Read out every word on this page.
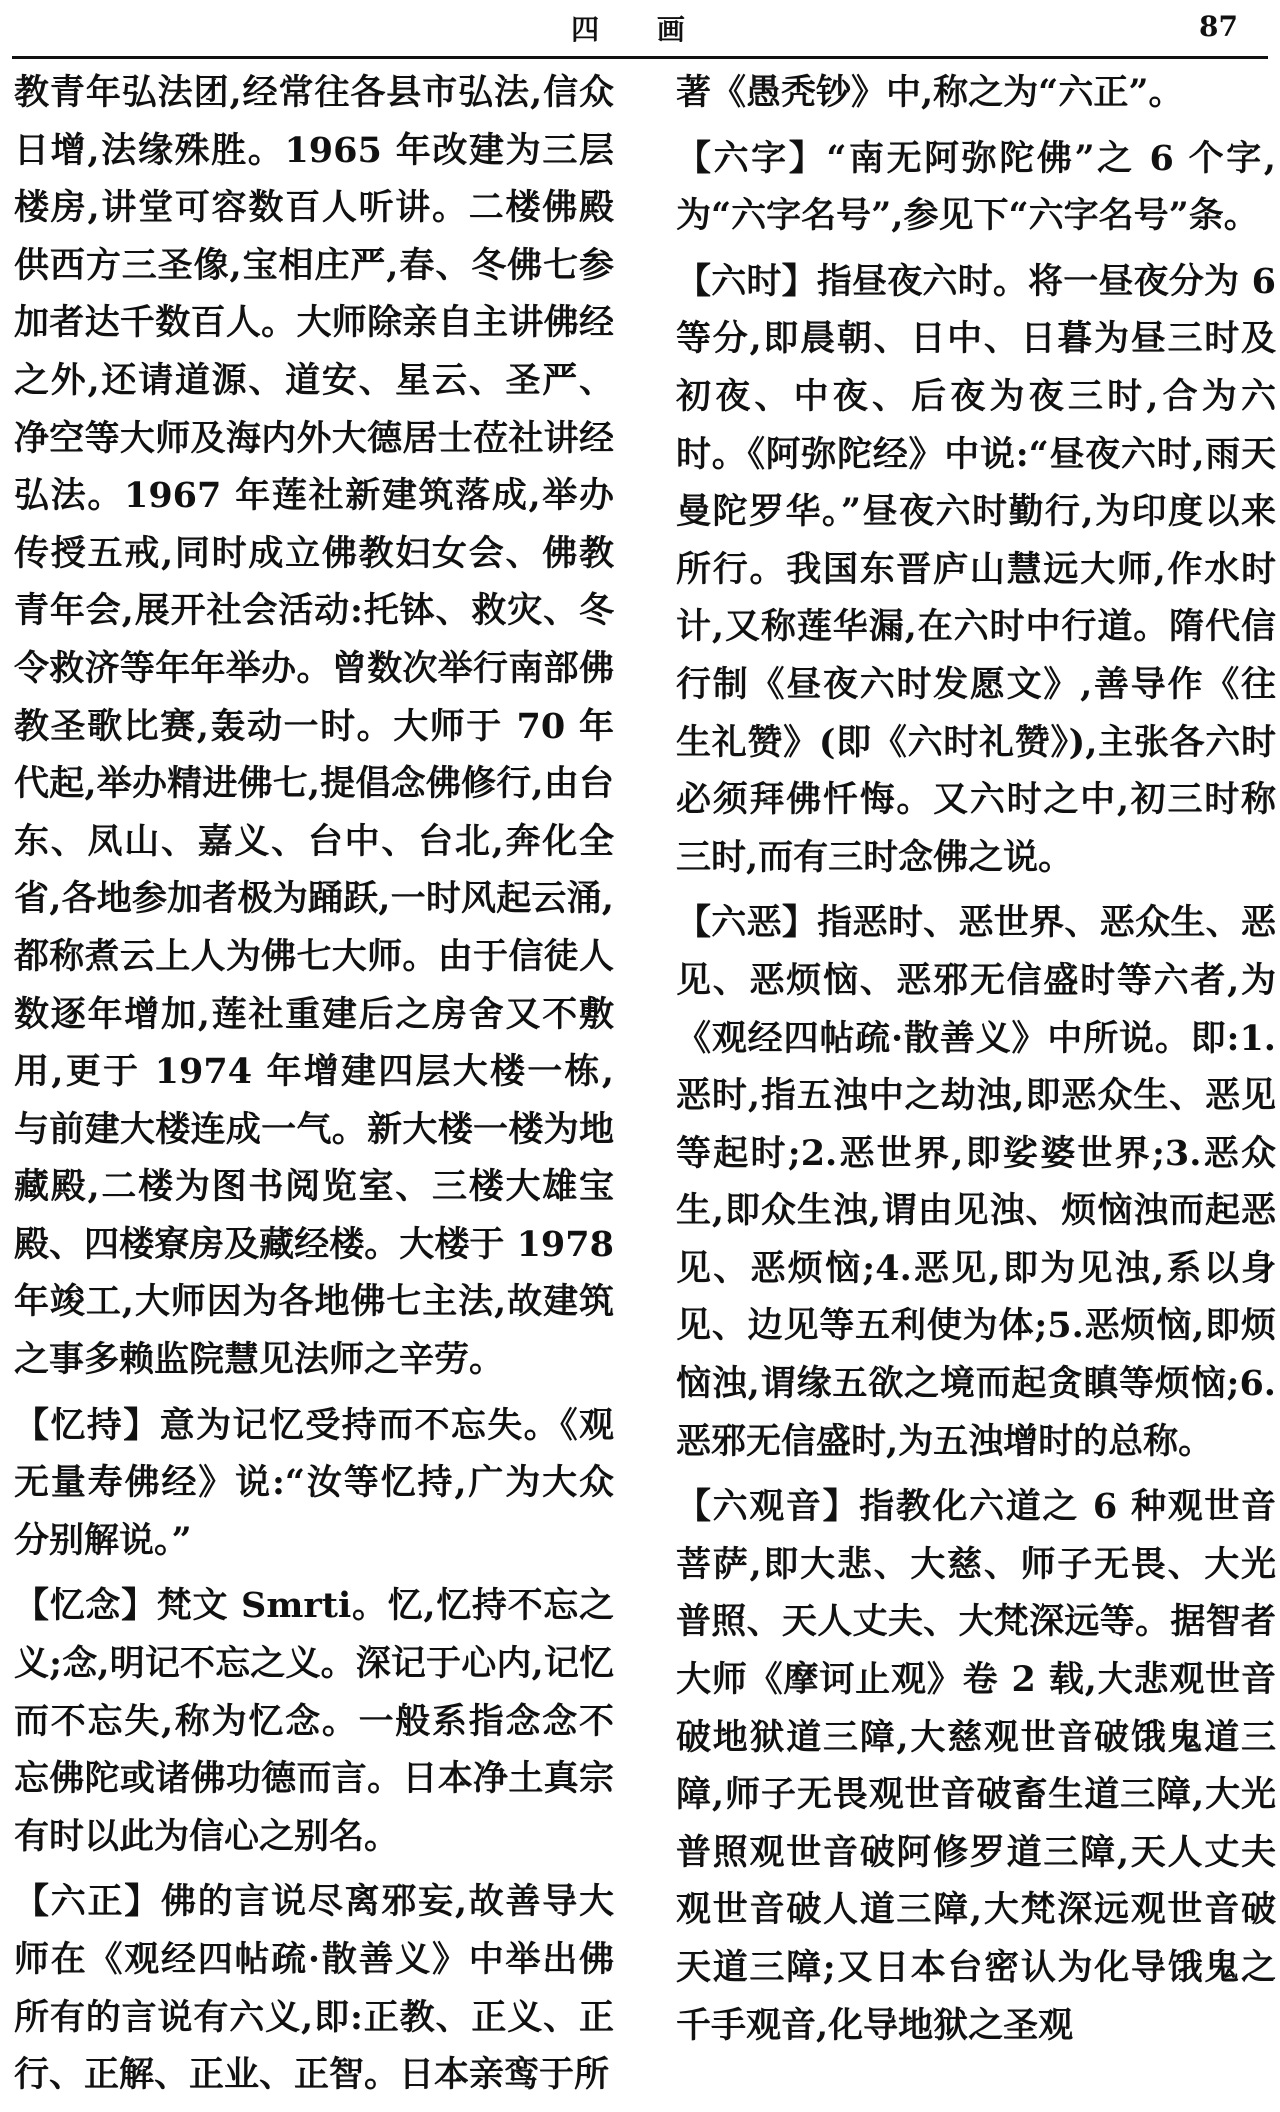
四 画	87

教青年弘法团,经常往各县市弘法,信众日增,法缘殊胜。1965 年改建为三层楼房,讲堂可容数百人听讲。二楼佛殿供西方三圣像,宝相庄严,春、冬佛七参加者达千数百人。大师除亲自主讲佛经之外,还请道源、道安、星云、圣严、净空等大师及海内外大德居士莅社讲经弘法。1967 年莲社新建筑落成,举办传授五戒,同时成立佛教妇女会、佛教青年会,展开社会活动:托钵、救灾、冬令救济等年年举办。曾数次举行南部佛教圣歌比赛,轰动一时。大师于 70 年代起,举办精进佛七,提倡念佛修行,由台东、凤山、嘉义、台中、台北,奔化全省,各地参加者极为踊跃,一时风起云涌,都称煮云上人为佛七大师。由于信徒人数逐年增加,莲社重建后之房舍又不敷用,更于 1974 年增建四层大楼一栋,与前建大楼连成一气。新大楼一楼为地藏殿,二楼为图书阅览室、三楼大雄宝殿、四楼寮房及藏经楼。大楼于 1978 年竣工,大师因为各地佛七主法,故建筑之事多赖监院慧见法师之辛劳。

【忆持】意为记忆受持而不忘失。《观无量寿佛经》说:“汝等忆持,广为大众分别解说。”

【忆念】梵文 Smrti。忆,忆持不忘之义;念,明记不忘之义。深记于心内,记忆而不忘失,称为忆念。一般系指念念不忘佛陀或诸佛功德而言。日本净土真宗有时以此为信心之别名。

【六正】佛的言说尽离邪妄,故善导大师在《观经四帖疏·散善义》中举出佛所有的言说有六义,即:正教、正义、正行、正解、正业、正智。日本亲鸾于所

著《愚秃钞》中,称之为“六正”。

【六字】“南无阿弥陀佛”之 6 个字,为“六字名号”,参见下“六字名号”条。

【六时】指昼夜六时。将一昼夜分为 6 等分,即晨朝、日中、日暮为昼三时及初夜、中夜、后夜为夜三时,合为六时。《阿弥陀经》中说:“昼夜六时,雨天曼陀罗华。”昼夜六时勤行,为印度以来所行。我国东晋庐山慧远大师,作水时计,又称莲华漏,在六时中行道。隋代信行制《昼夜六时发愿文》,善导作《往生礼赞》(即《六时礼赞》),主张各六时必须拜佛忏悔。又六时之中,初三时称三时,而有三时念佛之说。

【六恶】指恶时、恶世界、恶众生、恶见、恶烦恼、恶邪无信盛时等六者,为《观经四帖疏·散善义》中所说。即:1.恶时,指五浊中之劫浊,即恶众生、恶见等起时;2.恶世界,即娑婆世界;3.恶众生,即众生浊,谓由见浊、烦恼浊而起恶见、恶烦恼;4.恶见,即为见浊,系以身见、边见等五利使为体;5.恶烦恼,即烦恼浊,谓缘五欲之境而起贪瞋等烦恼;6.恶邪无信盛时,为五浊增时的总称。

【六观音】指教化六道之 6 种观世音菩萨,即大悲、大慈、师子无畏、大光普照、天人丈夫、大梵深远等。据智者大师《摩诃止观》卷 2 载,大悲观世音破地狱道三障,大慈观世音破饿鬼道三障,师子无畏观世音破畜生道三障,大光普照观世音破阿修罗道三障,天人丈夫观世音破人道三障,大梵深远观世音破天道三障;又日本台密认为化导饿鬼之千手观音,化导地狱之圣观
